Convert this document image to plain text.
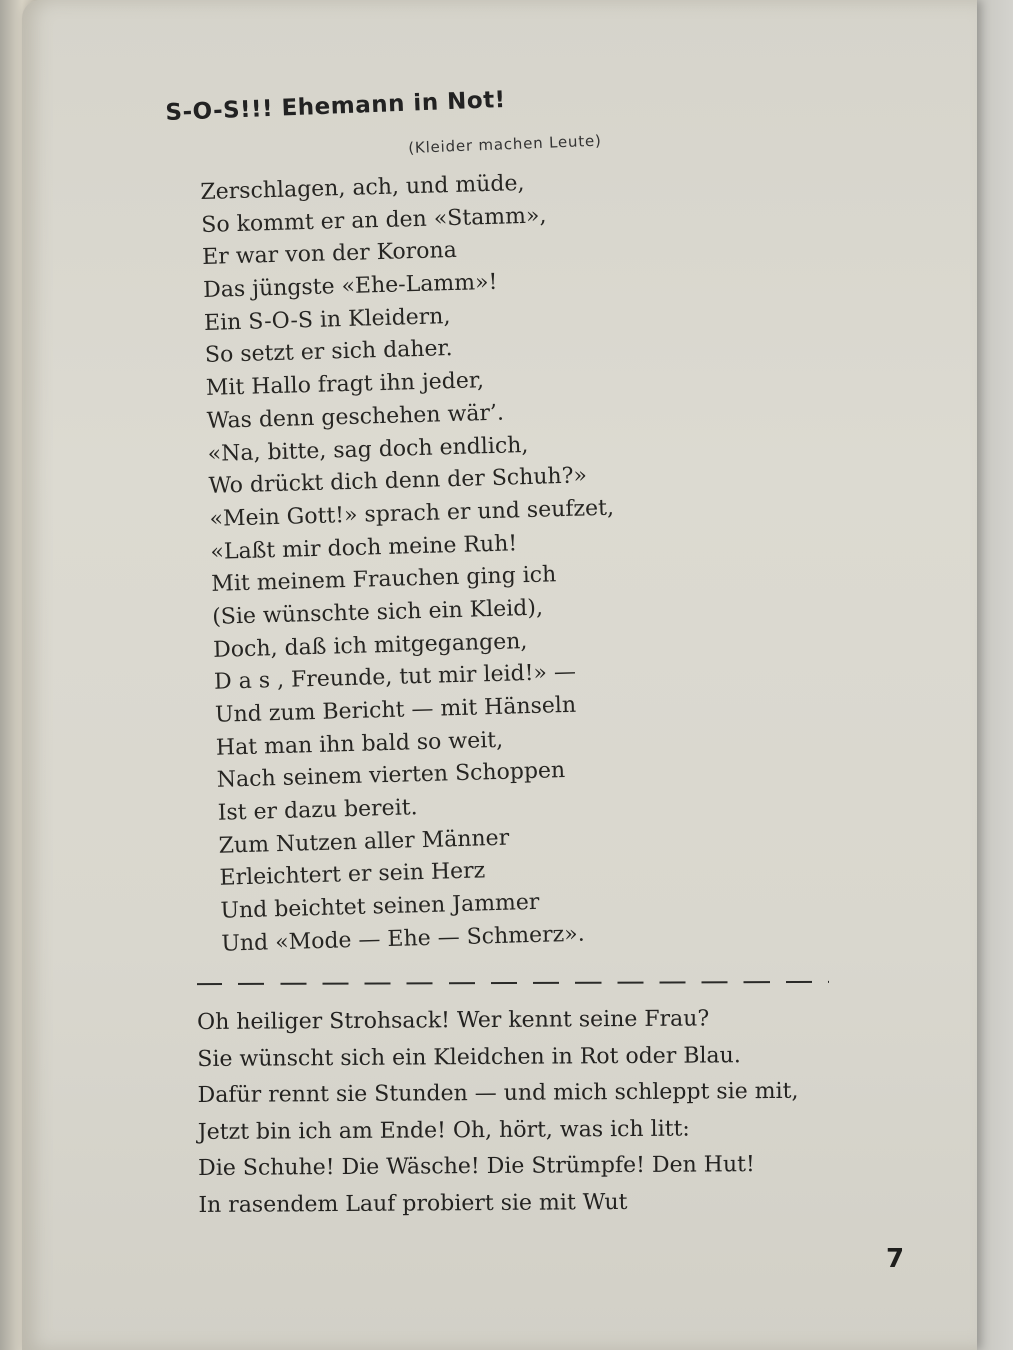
S-O-S!!! Ehemann in Not!
(Kleider machen Leute)
Zerschlagen, ach, und müde,
So kommt er an den «Stamm»,
Er war von der Korona
Das jüngste «Ehe-Lamm»!
Ein S-O-S in Kleidern,
So setzt er sich daher.
Mit Hallo fragt ihn jeder,
Was denn geschehen wär’.
«Na, bitte, sag doch endlich,
Wo drückt dich denn der Schuh?»
«Mein Gott!» sprach er und seufzet,
«Laßt mir doch meine Ruh!
Mit meinem Frauchen ging ich
(Sie wünschte sich ein Kleid),
Doch, daß ich mitgegangen,
D a s , Freunde, tut mir leid!» —
Und zum Bericht — mit Hänseln
Hat man ihn bald so weit,
Nach seinem vierten Schoppen
Ist er dazu bereit.
Zum Nutzen aller Männer
Erleichtert er sein Herz
Und beichtet seinen Jammer
Und «Mode — Ehe — Schmerz».
Oh heiliger Strohsack! Wer kennt seine Frau?
Sie wünscht sich ein Kleidchen in Rot oder Blau.
Dafür rennt sie Stunden — und mich schleppt sie mit,
Jetzt bin ich am Ende! Oh, hört, was ich litt:
Die Schuhe! Die Wäsche! Die Strümpfe! Den Hut!
In rasendem Lauf probiert sie mit Wut
7
